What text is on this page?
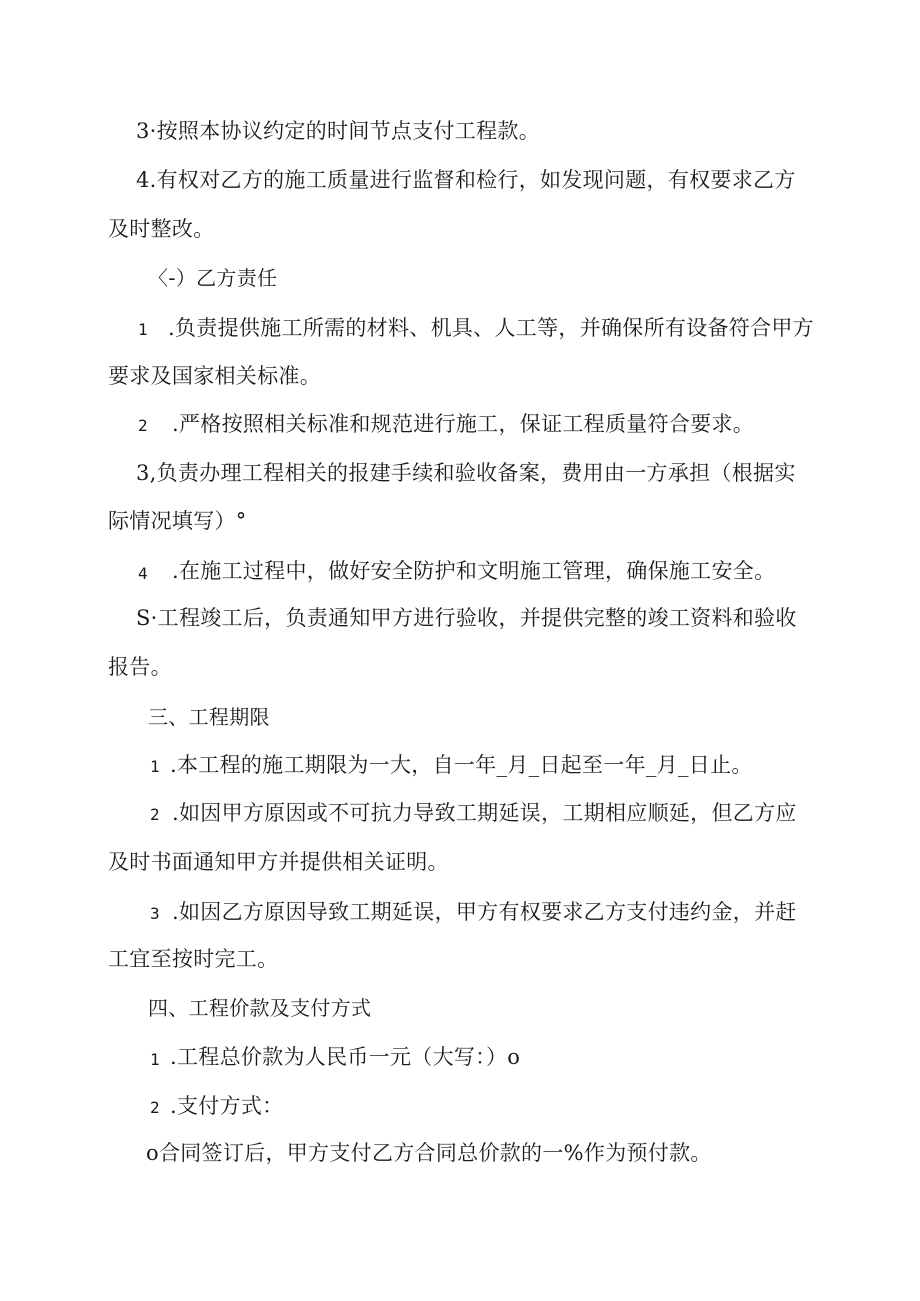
3·按照本协议约定的时间节点支付工程款。
4.有权对乙方的施工质量进行监督和检行，如发现问题，有权要求乙方
及时整改。
〈-）乙方责任
1 .负责提供施工所需的材料、机具、人工等，并确保所有设备符合甲方
要求及国家相关标准。
2 .严格按照相关标准和规范进行施工，保证工程质量符合要求。
3,负责办理工程相关的报建手续和验收备案，费用由一方承担（根据实
际情况填写）°
4 .在施工过程中，做好安全防护和文明施工管理，确保施工安全。
S·工程竣工后，负责通知甲方进行验收，并提供完整的竣工资料和验收
报告。
三、工程期限
1 .本工程的施工期限为一大，自一年_月_日起至一年_月_日止。
2 .如因甲方原因或不可抗力导致工期延误，工期相应顺延，但乙方应
及时书面通知甲方并提供相关证明。
3 .如因乙方原因导致工期延误，甲方有权要求乙方支付违约金，并赶
工宜至按时完工。
四、工程价款及支付方式
1 .工程总价款为人民币一元（大写：）o
2 .支付方式：
o合同签订后，甲方支付乙方合同总价款的一%作为预付款。
